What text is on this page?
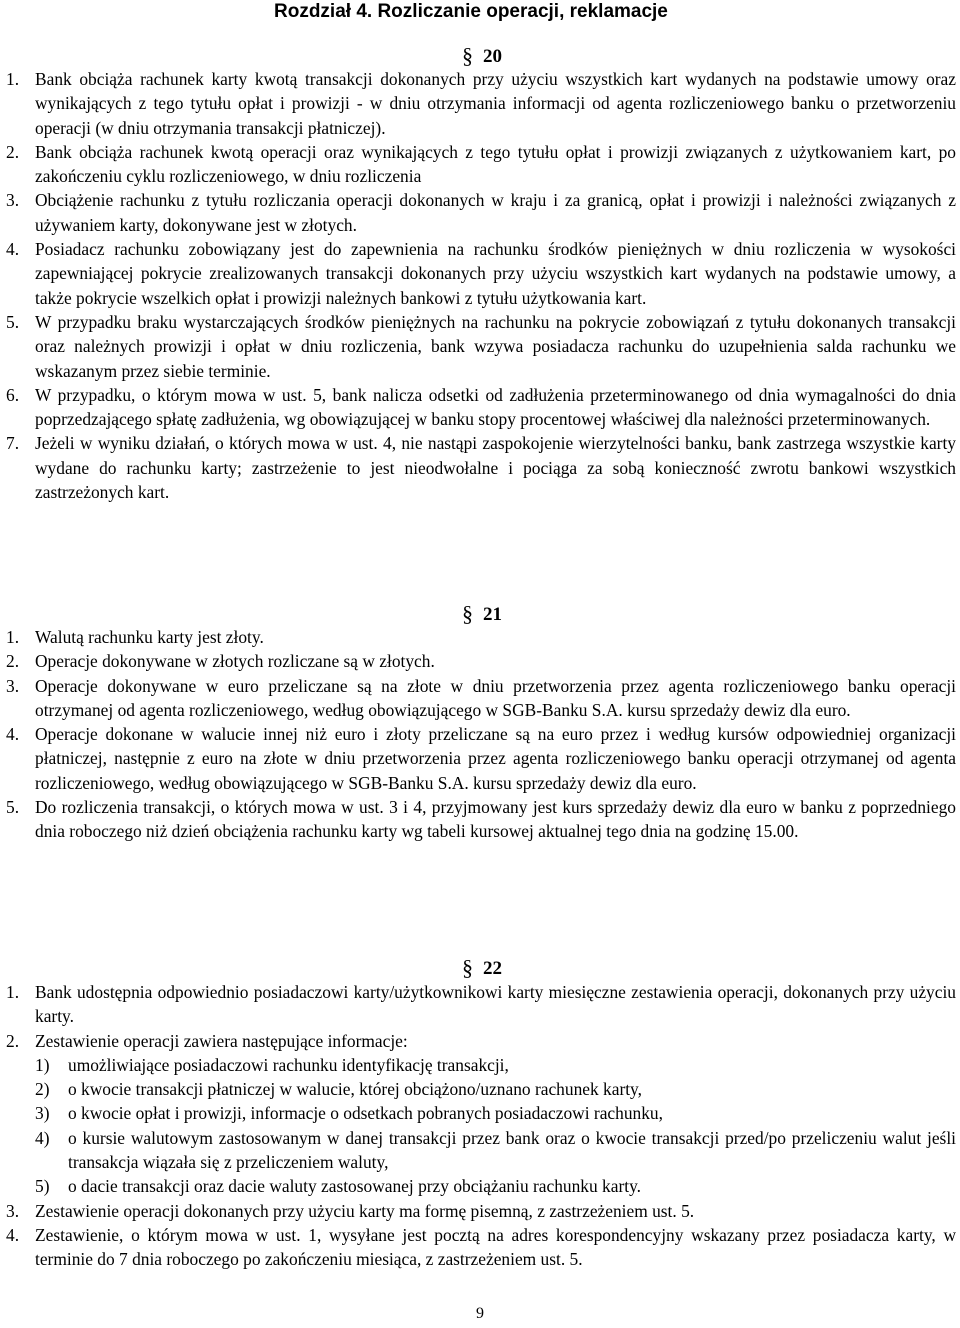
Rozdział 4. Rozliczanie operacji, reklamacje
§ 20

1. Bank obciąża rachunek karty kwotą transakcji dokonanych przy użyciu wszystkich kart wydanych na podstawie umowy oraz wynikających z tego tytułu opłat i prowizji - w dniu otrzymania informacji od agenta rozliczeniowego banku o przetworzeniu operacji (w dniu otrzymania transakcji płatniczej).

2. Bank obciąża rachunek kwotą operacji oraz wynikających z tego tytułu opłat i prowizji związanych z użytkowaniem kart, po zakończeniu cyklu rozliczeniowego, w dniu rozliczenia

3. Obciążenie rachunku z tytułu rozliczania operacji dokonanych w kraju i za granicą, opłat i prowizji i należności związanych z używaniem karty, dokonywane jest w złotych.

4. Posiadacz rachunku zobowiązany jest do zapewnienia na rachunku środków pieniężnych w dniu rozliczenia w wysokości zapewniającej pokrycie zrealizowanych transakcji dokonanych przy użyciu wszystkich kart wydanych na podstawie umowy, a także pokrycie wszelkich opłat i prowizji należnych bankowi z tytułu użytkowania kart.

5. W przypadku braku wystarczających środków pieniężnych na rachunku na pokrycie zobowiązań z tytułu dokonanych transakcji oraz należnych prowizji i opłat w dniu rozliczenia, bank wzywa posiadacza rachunku do uzupełnienia salda rachunku we wskazanym przez siebie terminie.

6. W przypadku, o którym mowa w ust. 5, bank nalicza odsetki od zadłużenia przeterminowanego od dnia wymagalności do dnia poprzedzającego spłatę zadłużenia, wg obowiązującej w banku stopy procentowej właściwej dla należności przeterminowanych.

7. Jeżeli w wyniku działań, o których mowa w ust. 4, nie nastąpi zaspokojenie wierzytelności banku, bank zastrzega wszystkie karty wydane do rachunku karty; zastrzeżenie to jest nieodwołalne i pociąga za sobą konieczność zwrotu bankowi wszystkich zastrzeżonych kart.

§ 21

1. Walutą rachunku karty jest złoty.

2. Operacje dokonywane w złotych rozliczane są w złotych.

3. Operacje dokonywane w euro przeliczane są na złote w dniu przetworzenia przez agenta rozliczeniowego banku operacji otrzymanej od agenta rozliczeniowego, według obowiązującego w SGB-Banku S.A. kursu sprzedaży dewiz dla euro.

4. Operacje dokonane w walucie innej niż euro i złoty przeliczane są na euro przez i według kursów odpowiedniej organizacji płatniczej, następnie z euro na złote w dniu przetworzenia przez agenta rozliczeniowego banku operacji otrzymanej od agenta rozliczeniowego, według obowiązującego w SGB-Banku S.A. kursu sprzedaży dewiz dla euro.

5. Do rozliczenia transakcji, o których mowa w ust. 3 i 4, przyjmowany jest kurs sprzedaży dewiz dla euro w banku z poprzedniego dnia roboczego niż dzień obciążenia rachunku karty wg tabeli kursowej aktualnej tego dnia na godzinę 15.00.

§ 22

1. Bank udostępnia odpowiednio posiadaczowi karty/użytkownikowi karty miesięczne zestawienia operacji, dokonanych przy użyciu karty.

2. Zestawienie operacji zawiera następujące informacje:

1) umożliwiające posiadaczowi rachunku identyfikację transakcji,

2) o kwocie transakcji płatniczej w walucie, której obciążono/uznano rachunek karty,

3) o kwocie opłat i prowizji, informacje o odsetkach pobranych posiadaczowi rachunku,

4) o kursie walutowym zastosowanym w danej transakcji przez bank oraz o kwocie transakcji przed/po przeliczeniu walut jeśli transakcja wiązała się z przeliczeniem waluty,

5) o dacie transakcji oraz dacie waluty zastosowanej przy obciążaniu rachunku karty.

3. Zestawienie operacji dokonanych przy użyciu karty ma formę pisemną, z zastrzeżeniem ust. 5.

4. Zestawienie, o którym mowa w ust. 1, wysyłane jest pocztą na adres korespondencyjny wskazany przez posiadacza karty, w terminie do 7 dnia roboczego po zakończeniu miesiąca, z zastrzeżeniem ust. 5.

9
